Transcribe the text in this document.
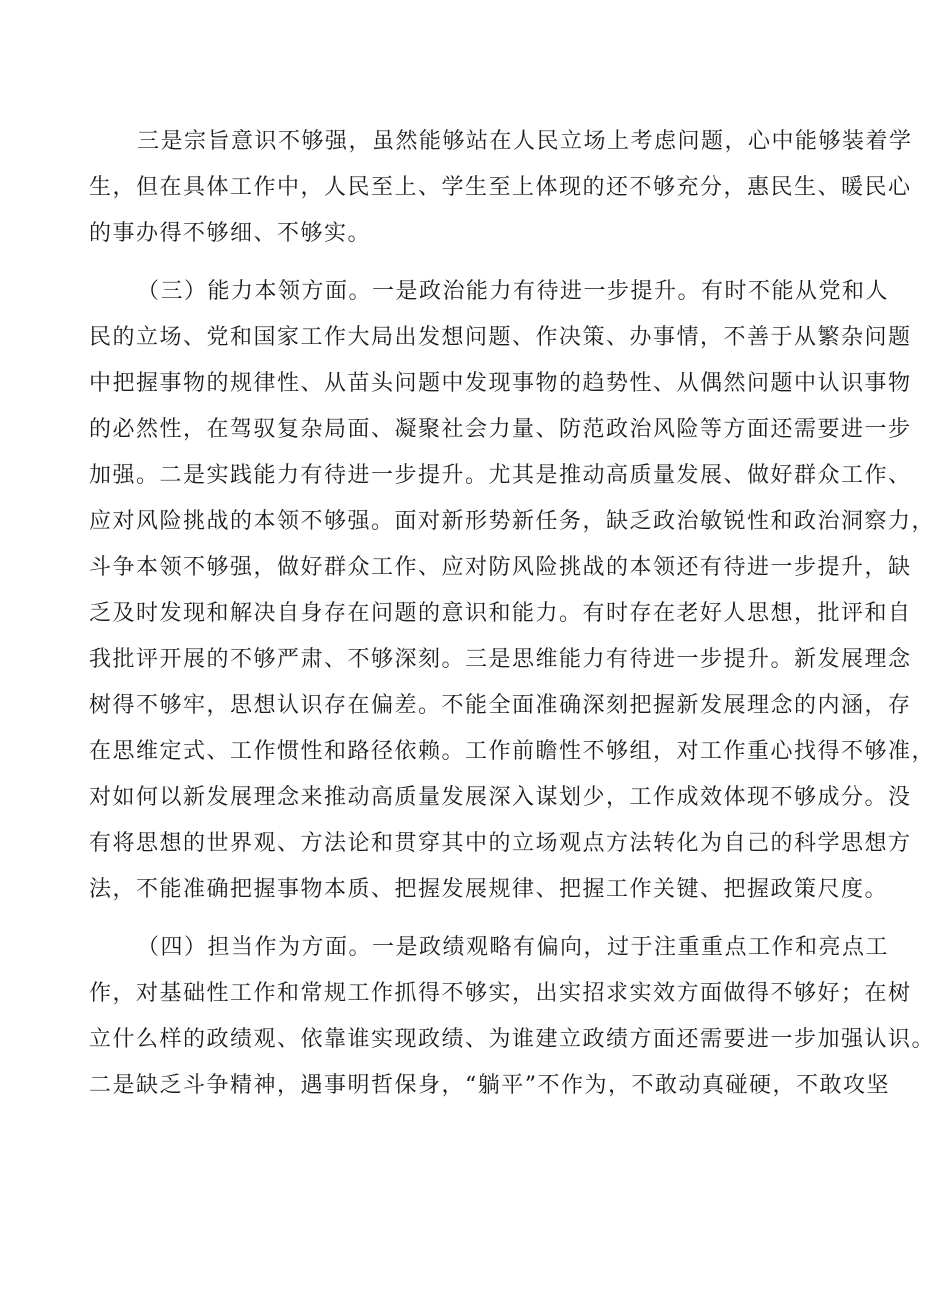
三是宗旨意识不够强，虽然能够站在人民立场上考虑问题，心中能够装着学
生，但在具体工作中，人民至上、学生至上体现的还不够充分，惠民生、暖民心
的事办得不够细、不够实。
（三）能力本领方面。一是政治能力有待进一步提升。有时不能从党和人
民的立场、党和国家工作大局出发想问题、作决策、办事情，不善于从繁杂问题
中把握事物的规律性、从苗头问题中发现事物的趋势性、从偶然问题中认识事物
的必然性，在驾驭复杂局面、凝聚社会力量、防范政治风险等方面还需要进一步
加强。二是实践能力有待进一步提升。尤其是推动高质量发展、做好群众工作、
应对风险挑战的本领不够强。面对新形势新任务，缺乏政治敏锐性和政治洞察力，
斗争本领不够强，做好群众工作、应对防风险挑战的本领还有待进一步提升，缺
乏及时发现和解决自身存在问题的意识和能力。有时存在老好人思想，批评和自
我批评开展的不够严肃、不够深刻。三是思维能力有待进一步提升。新发展理念
树得不够牢，思想认识存在偏差。不能全面准确深刻把握新发展理念的内涵，存
在思维定式、工作惯性和路径依赖。工作前瞻性不够组，对工作重心找得不够准，
对如何以新发展理念来推动高质量发展深入谋划少，工作成效体现不够成分。没
有将思想的世界观、方法论和贯穿其中的立场观点方法转化为自己的科学思想方
法，不能准确把握事物本质、把握发展规律、把握工作关键、把握政策尺度。
（四）担当作为方面。一是政绩观略有偏向，过于注重重点工作和亮点工
作，对基础性工作和常规工作抓得不够实，出实招求实效方面做得不够好；在树
立什么样的政绩观、依靠谁实现政绩、为谁建立政绩方面还需要进一步加强认识。
二是缺乏斗争精神，遇事明哲保身，“躺平”不作为，不敢动真碰硬，不敢攻坚
